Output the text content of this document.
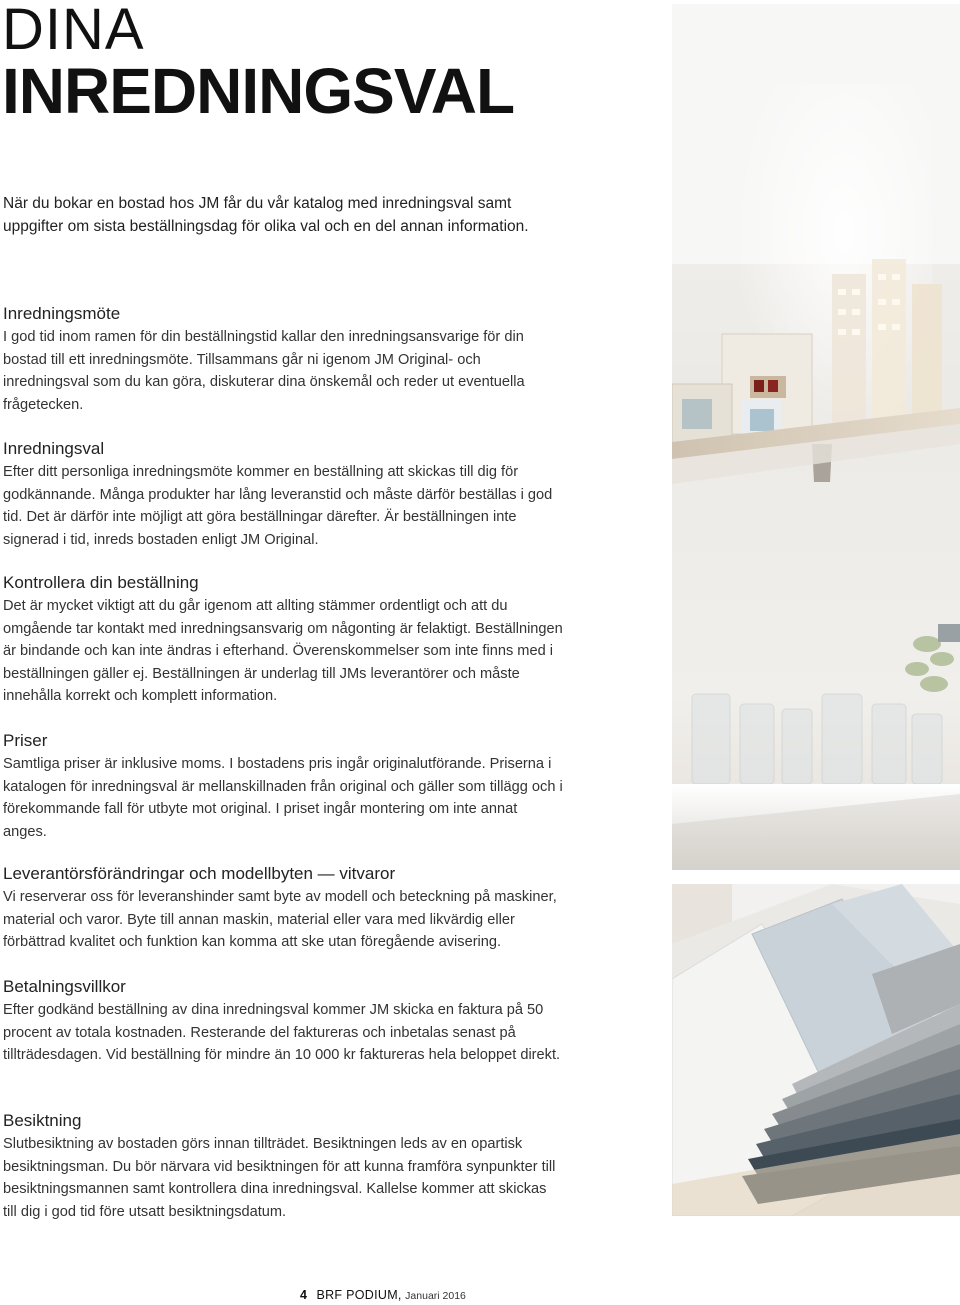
DINA
INREDNINGSVAL
När du bokar en bostad hos JM får du vår katalog med inredningsval samt uppgifter om sista beställningsdag för olika val och en del annan information.
Inredningsmöte

I god tid inom ramen för din beställningstid kallar den inredningsansvarige för din bostad till ett inredningsmöte. Tillsammans går ni igenom JM Original- och inredningsval som du kan göra, diskuterar dina önskemål och reder ut eventuella frågetecken.

Inredningsval

Efter ditt personliga inredningsmöte kommer en beställning att skickas till dig för godkännande. Många produkter har lång leveranstid och måste därför beställas i god tid. Det är därför inte möjligt att göra beställningar därefter. Är beställningen inte signerad i tid, inreds bostaden enligt JM Original.

Kontrollera din beställning

Det är mycket viktigt att du går igenom att allting stämmer ordentligt och att du omgående tar kontakt med inredningsansvarig om någonting är felaktigt. Beställningen är bindande och kan inte ändras i efterhand. Överenskommelser som inte finns med i beställningen gäller ej. Beställningen är underlag till JMs leverantörer och måste innehålla korrekt och komplett information.

Priser

Samtliga priser är inklusive moms. I bostadens pris ingår originalutförande. Priserna i katalogen för inredningsval är mellanskillnaden från original och gäller som tillägg och i förekommande fall för utbyte mot original. I priset ingår montering om inte annat anges.

Leverantörsförändringar och modellbyten — vitvaror

Vi reserverar oss för leveranshinder samt byte av modell och beteckning på maskiner, material och varor. Byte till annan maskin, material eller vara med likvärdig eller förbättrad kvalitet och funktion kan komma att ske utan föregående avisering.

Betalningsvillkor

Efter godkänd beställning av dina inredningsval kommer JM skicka en faktura på 50 procent av totala kostnaden. Resterande del faktureras och inbetalas senast på tillträdesdagen. Vid beställning för mindre än 10 000 kr faktureras hela beloppet direkt.

Besiktning

Slutbesiktning av bostaden görs innan tillträdet. Besiktningen leds av en opartisk besiktningsman. Du bör närvara vid besiktningen för att kunna framföra synpunkter till besiktningsmannen samt kontrollera dina inredningsval. Kallelse kommer att skickas till dig i god tid före utsatt besiktningsdatum.

4 BRF PODIUM, Januari 2016
